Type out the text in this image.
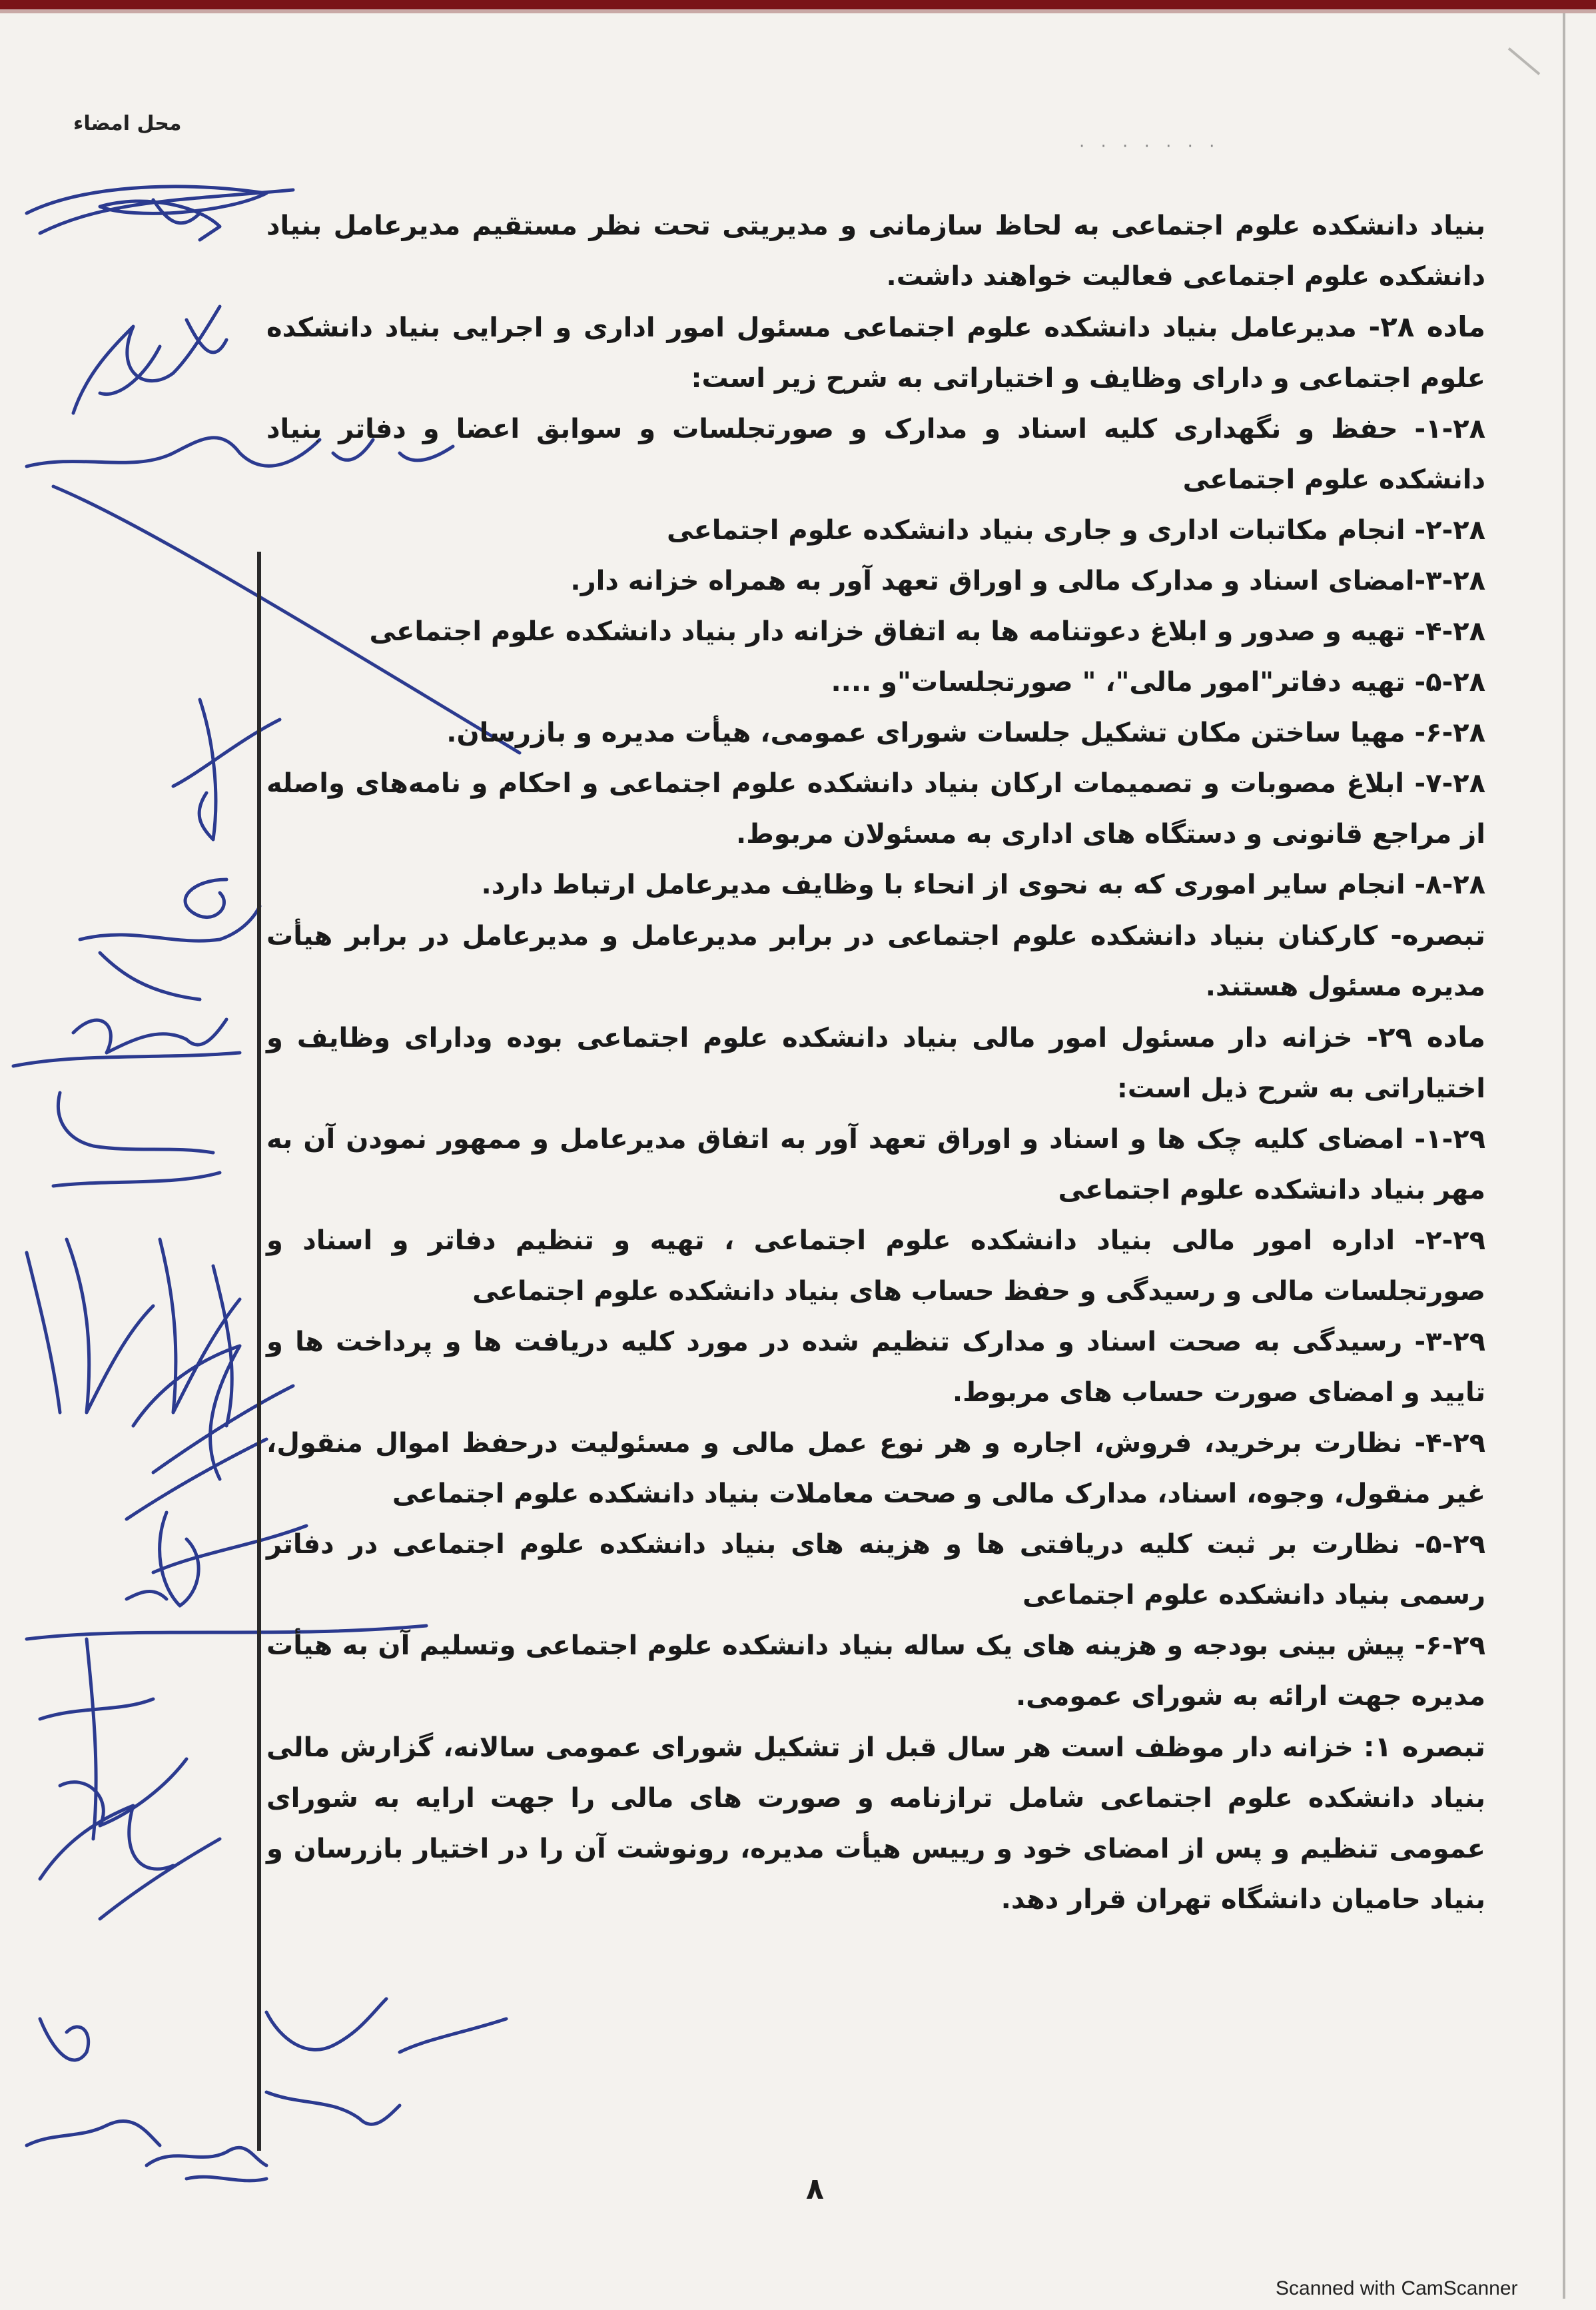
محل امضاء
· · · · · · ·

بنیاد دانشکده علوم اجتماعی به لحاظ سازمانی و مدیریتی تحت نظر مستقیم مدیرعامل بنیاد دانشکده علوم اجتماعی فعالیت خواهند داشت.

ماده ۲۸- مدیرعامل بنیاد دانشکده علوم اجتماعی مسئول امور اداری و اجرایی بنیاد دانشکده علوم اجتماعی و دارای وظایف و اختیاراتی به شرح زیر است:

۱-۲۸- حفظ و نگهداری کلیه اسناد و مدارک و صورتجلسات و سوابق اعضا و دفاتر بنیاد دانشکده علوم اجتماعی

۲-۲۸- انجام مکاتبات اداری و جاری بنیاد دانشکده علوم اجتماعی

۳-۲۸-امضای اسناد و مدارک مالی و اوراق تعهد آور به همراه خزانه دار.

۴-۲۸- تهیه و صدور و ابلاغ دعوتنامه ها به اتفاق خزانه دار بنیاد دانشکده علوم اجتماعی

۵-۲۸- تهیه دفاتر"امور مالی"، " صورتجلسات"و ....

۶-۲۸- مهیا ساختن مکان تشکیل جلسات شورای عمومی، هیأت مدیره و بازرسان.

۷-۲۸- ابلاغ مصوبات و تصمیمات ارکان بنیاد دانشکده علوم اجتماعی و احکام و نامه‌های واصله از مراجع قانونی و دستگاه های اداری به مسئولان مربوط.

۸-۲۸- انجام سایر اموری که به نحوی از انحاء با وظایف مدیرعامل ارتباط دارد.

تبصره- کارکنان بنیاد دانشکده علوم اجتماعی در برابر مدیرعامل و مدیرعامل در برابر هیأت مدیره مسئول هستند.

ماده ۲۹- خزانه دار مسئول امور مالی بنیاد دانشکده علوم اجتماعی بوده ودارای وظایف و اختیاراتی به شرح ذیل است:

۱-۲۹- امضای کلیه چک ها و اسناد و اوراق تعهد آور به اتفاق مدیرعامل و ممهور نمودن آن به مهر بنیاد دانشکده علوم اجتماعی

۲-۲۹- اداره امور مالی بنیاد دانشکده علوم اجتماعی ، تهیه و تنظیم دفاتر و اسناد و صورتجلسات مالی و رسیدگی و حفظ حساب های بنیاد دانشکده علوم اجتماعی

۳-۲۹- رسیدگی به صحت اسناد و مدارک تنظیم شده در مورد کلیه دریافت ها و پرداخت ها و تایید و امضای صورت حساب های مربوط.

۴-۲۹- نظارت برخرید، فروش، اجاره و هر نوع عمل مالی و مسئولیت درحفظ اموال منقول، غیر منقول، وجوه، اسناد، مدارک مالی و صحت معاملات بنیاد دانشکده علوم اجتماعی

۵-۲۹- نظارت بر ثبت کلیه دریافتی ها و هزینه های بنیاد دانشکده علوم اجتماعی در دفاتر رسمی بنیاد دانشکده علوم اجتماعی

۶-۲۹- پیش بینی بودجه و هزینه های یک ساله بنیاد دانشکده علوم اجتماعی وتسلیم آن به هیأت مدیره جهت ارائه به شورای عمومی.

تبصره ۱: خزانه دار موظف است هر سال قبل از تشکیل شورای عمومی سالانه، گزارش مالی بنیاد دانشکده علوم اجتماعی شامل ترازنامه و صورت های مالی را جهت ارایه به شورای عمومی تنظیم و پس از امضای خود و رییس هیأت مدیره، رونوشت آن را در اختیار بازرسان و بنیاد حامیان دانشگاه تهران قرار دهد.

۸
Scanned with CamScanner
